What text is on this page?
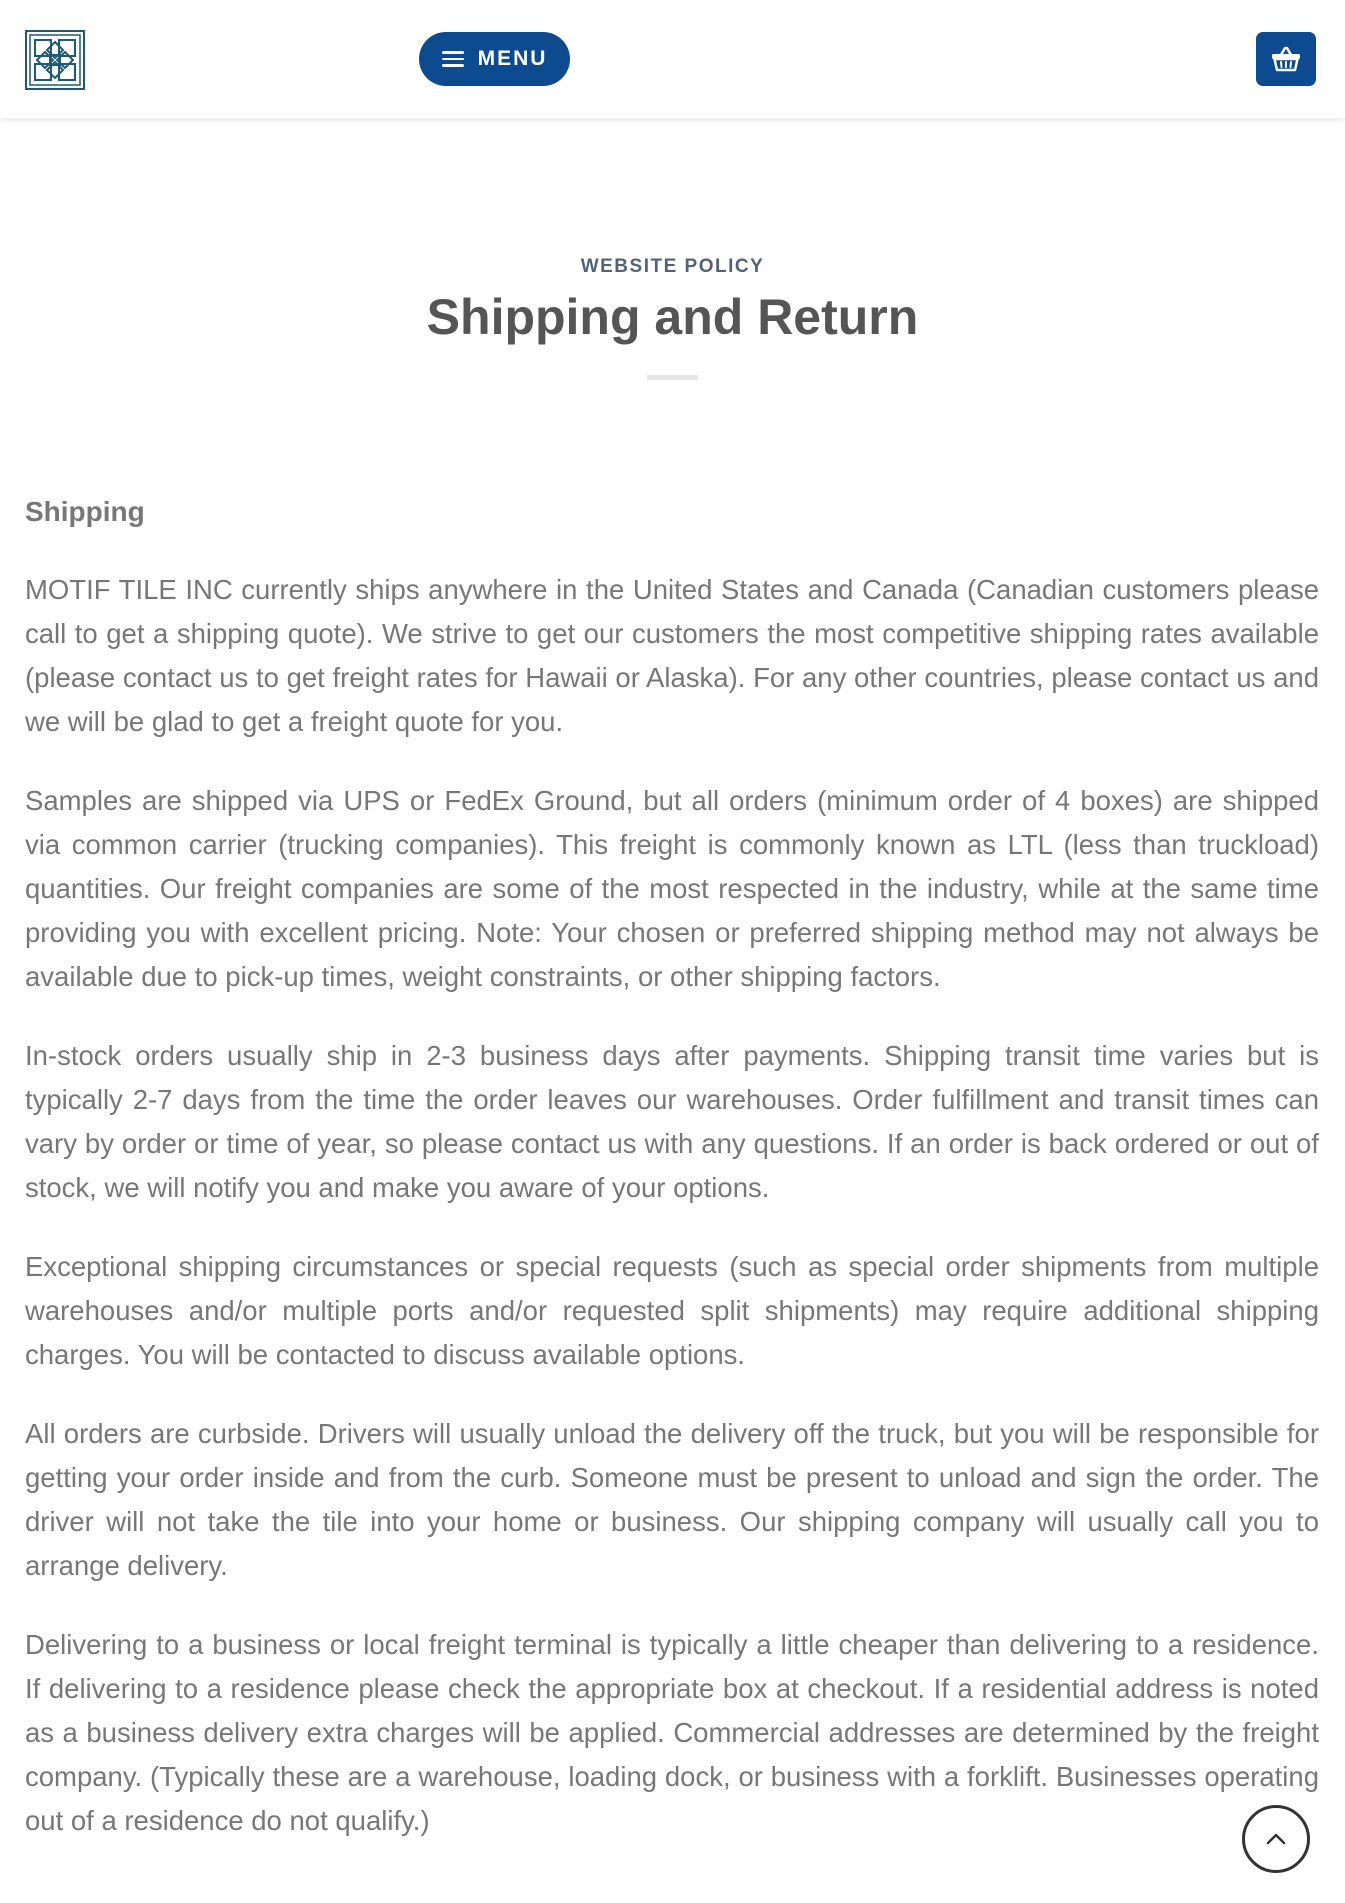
MENU
WEBSITE POLICY
Shipping and Return
Shipping

MOTIF TILE INC currently ships anywhere in the United States and Canada (Canadian customers please call to get a shipping quote). We strive to get our customers the most competitive shipping rates available (please contact us to get freight rates for Hawaii or Alaska). For any other countries, please contact us and we will be glad to get a freight quote for you.

Samples are shipped via UPS or FedEx Ground, but all orders (minimum order of 4 boxes) are shipped via common carrier (trucking companies). This freight is commonly known as LTL (less than truckload) quantities. Our freight companies are some of the most respected in the industry, while at the same time providing you with excellent pricing. Note: Your chosen or preferred shipping method may not always be available due to pick-up times, weight constraints, or other shipping factors.

In-stock orders usually ship in 2-3 business days after payments. Shipping transit time varies but is typically 2-7 days from the time the order leaves our warehouses. Order fulfillment and transit times can vary by order or time of year, so please contact us with any questions. If an order is back ordered or out of stock, we will notify you and make you aware of your options.

Exceptional shipping circumstances or special requests (such as special order shipments from multiple warehouses and/or multiple ports and/or requested split shipments) may require additional shipping charges. You will be contacted to discuss available options.

All orders are curbside. Drivers will usually unload the delivery off the truck, but you will be responsible for getting your order inside and from the curb. Someone must be present to unload and sign the order. The driver will not take the tile into your home or business. Our shipping company will usually call you to arrange delivery.

Delivering to a business or local freight terminal is typically a little cheaper than delivering to a residence. If delivering to a residence please check the appropriate box at checkout. If a residential address is noted as a business delivery extra charges will be applied. Commercial addresses are determined by the freight company. (Typically these are a warehouse, loading dock, or business with a forklift. Businesses operating out of a residence do not qualify.)
